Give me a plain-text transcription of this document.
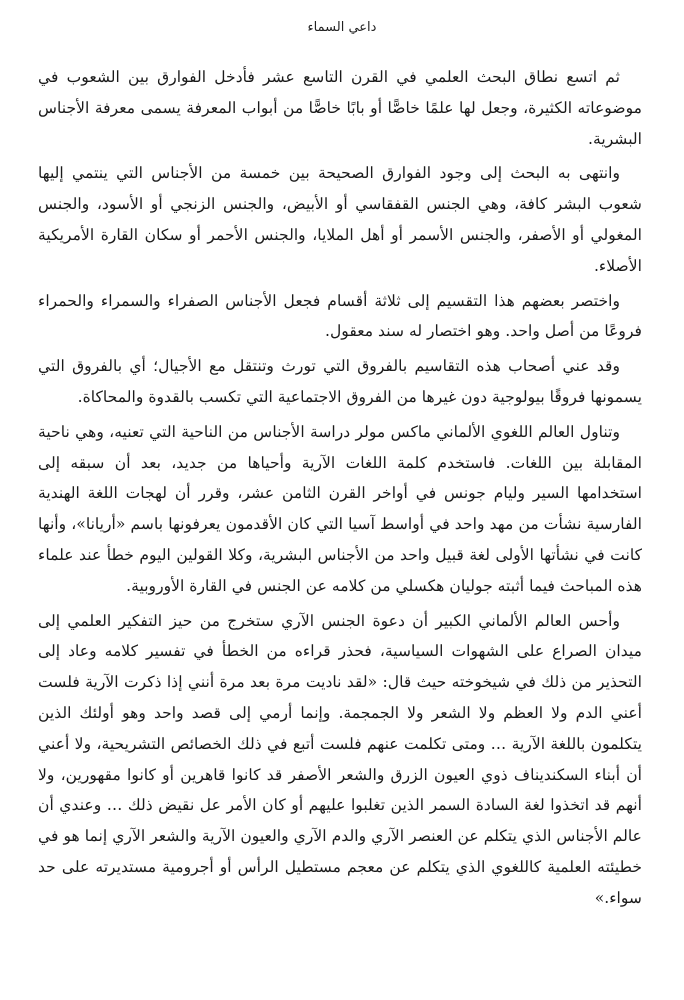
داعي السماء

ثم اتسع نطاق البحث العلمي في القرن التاسع عشر فأدخل الفوارق بين الشعوب في موضوعاته الكثيرة، وجعل لها علمًا خاصًّا أو بابًا خاصًّا من أبواب المعرفة يسمى معرفة الأجناس البشرية.

وانتهى به البحث إلى وجود الفوارق الصحيحة بين خمسة من الأجناس التي ينتمي إليها شعوب البشر كافة، وهي الجنس القفقاسي أو الأبيض، والجنس الزنجي أو الأسود، والجنس المغولي أو الأصفر، والجنس الأسمر أو أهل الملايا، والجنس الأحمر أو سكان القارة الأمريكية الأصلاء.

واختصر بعضهم هذا التقسيم إلى ثلاثة أقسام فجعل الأجناس الصفراء والسمراء والحمراء فروعًا من أصل واحد. وهو اختصار له سند معقول.

وقد عني أصحاب هذه التقاسيم بالفروق التي تورث وتنتقل مع الأجيال؛ أي بالفروق التي يسمونها فروقًا بيولوجية دون غيرها من الفروق الاجتماعية التي تكسب بالقدوة والمحاكاة.

وتناول العالم اللغوي الألماني ماكس مولر دراسة الأجناس من الناحية التي تعنيه، وهي ناحية المقابلة بين اللغات. فاستخدم كلمة اللغات الآرية وأحياها من جديد، بعد أن سبقه إلى استخدامها السير وليام جونس في أواخر القرن الثامن عشر، وقرر أن لهجات اللغة الهندية الفارسية نشأت من مهد واحد في أواسط آسيا التي كان الأقدمون يعرفونها باسم «أريانا»، وأنها كانت في نشأتها الأولى لغة قبيل واحد من الأجناس البشرية، وكلا القولين اليوم خطأ عند علماء هذه المباحث فيما أثبته جوليان هكسلي من كلامه عن الجنس في القارة الأوروبية.

وأحس العالم الألماني الكبير أن دعوة الجنس الآري ستخرج من حيز التفكير العلمي إلى ميدان الصراع على الشهوات السياسية، فحذر قراءه من الخطأ في تفسير كلامه وعاد إلى التحذير من ذلك في شيخوخته حيث قال: «لقد ناديت مرة بعد مرة أنني إذا ذكرت الآرية فلست أعني الدم ولا العظم ولا الشعر ولا الجمجمة. وإنما أرمي إلى قصد واحد وهو أولئك الذين يتكلمون باللغة الآرية … ومتى تكلمت عنهم فلست أتبع في ذلك الخصائص التشريحية، ولا أعني أن أبناء السكنديناف ذوي العيون الزرق والشعر الأصفر قد كانوا قاهرين أو كانوا مقهورين، ولا أنهم قد اتخذوا لغة السادة السمر الذين تغلبوا عليهم أو كان الأمر عل نقيض ذلك … وعندي أن عالم الأجناس الذي يتكلم عن العنصر الآري والدم الآري والعيون الآرية والشعر الآري إنما هو في خطيئته العلمية كاللغوي الذي يتكلم عن معجم مستطيل الرأس أو أجرومية مستديرته على حد سواء.»
